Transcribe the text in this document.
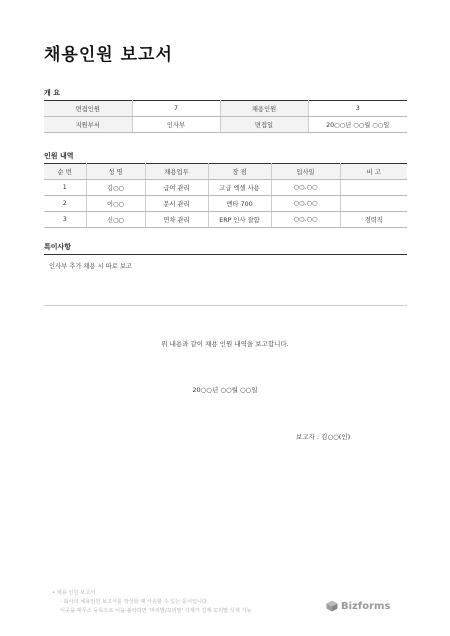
채용인원 보고서
개 요
면접인원	7	채용인원	3
지원부서	인사부	면접일	20○○년 ○○월 ○○일
인원 내역
순 번	성 명	채용업무	장 점	입사일	비 고
1	김○○	급여 관리	고급 엑셀 사용	○○.○○	
2	이○○	문서 관리	멘타 700	○○.○○	
3	신○○	연차 관리	ERP 인사 잘함	○○.○○	경력직
특이사항
인사부 추가 채용 시 따로 보고
위 내용과 같이 채용 인원 내역을 보고합니다.
20○○년 ○○월 ○○일
보고자 : 김○○(인)
• 채용 인원 보고서
- 회사의 채용인원 보고서를 작성할 때 사용할 수 있는 문서입니다.
이곳을 재무스 등록으로 이을 불락하면 '머리말/꼬리말' 삭제가 진재 꼬리말 삭제 가능	Bizforms
